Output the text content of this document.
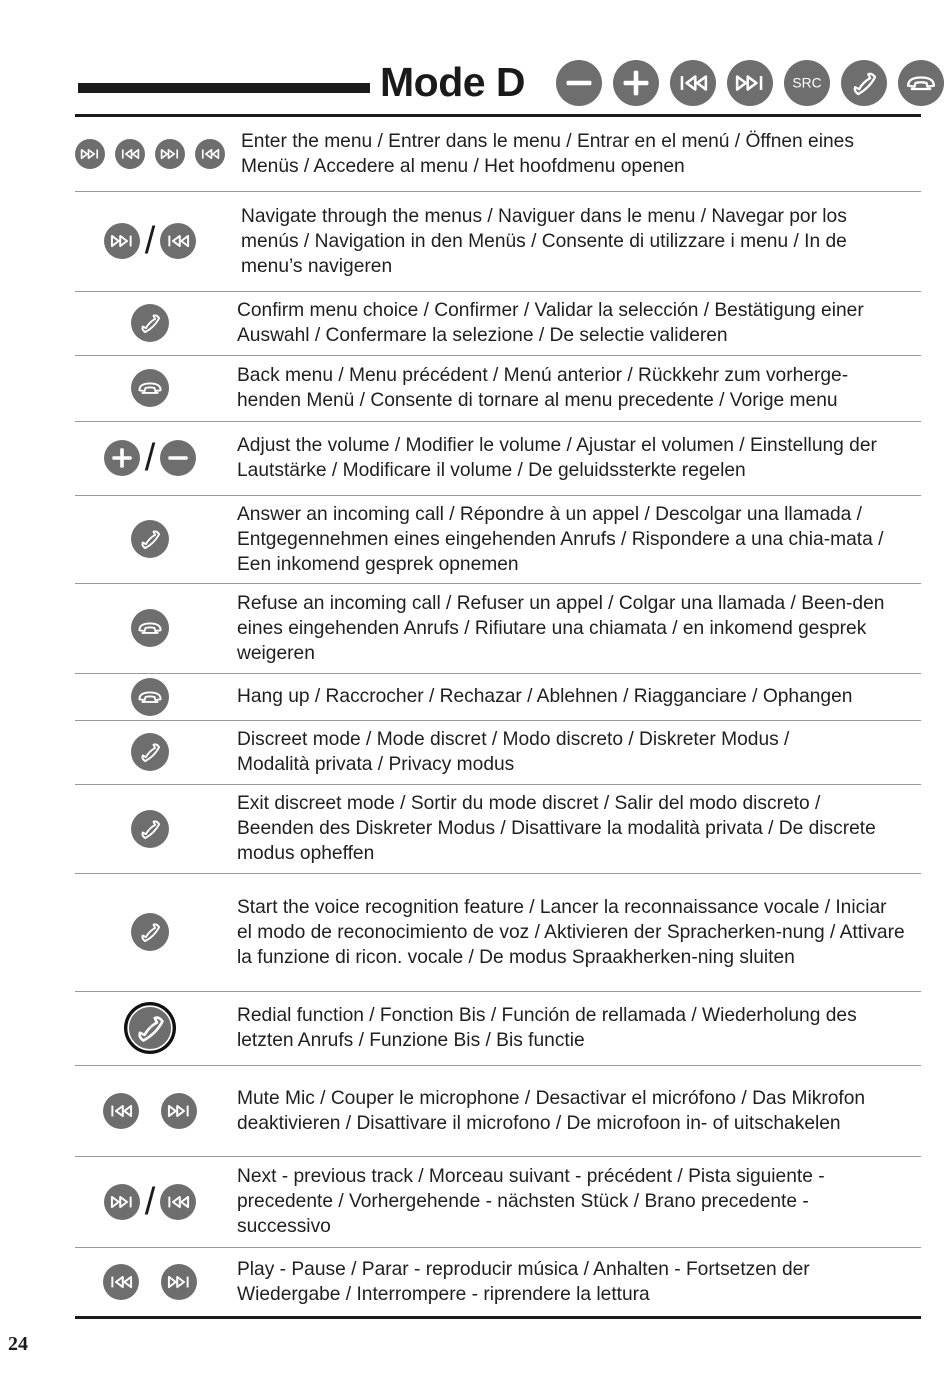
Mode D	SRC
Enter the menu / Entrer dans le menu / Entrar en el menú / Öffnen eines Menüs / Accedere al menu / Het hoofdmenu openen
/
Navigate through the menus / Naviguer dans le menu / Navegar por los menús / Navigation in den Menüs / Consente di utilizzare i menu / In de menu’s navigeren
Confirm menu choice / Confirmer / Validar la selección / Bestätigung einer Auswahl / Confermare la selezione / De selectie valideren
Back menu / Menu précédent / Menú anterior / Rückkehr zum vorherge-henden Menü / Consente di tornare al menu precedente / Vorige menu
/	Adjust the volume / Modifier le volume / Ajustar el volumen / Einstellung der Lautstärke / Modificare il volume / De geluidssterkte regelen
Answer an incoming call / Répondre à un appel / Descolgar una llamada / Entgegennehmen eines eingehenden Anrufs / Rispondere a una chia-mata / Een inkomend gesprek opnemen
Refuse an incoming call / Refuser un appel / Colgar una llamada / Been-den eines eingehenden Anrufs / Rifiutare una chiamata / en inkomend gesprek weigeren
Hang up / Raccrocher / Rechazar / Ablehnen / Riagganciare / Ophangen
Discreet mode / Mode discret / Modo discreto / Diskreter Modus / Modalità privata / Privacy modus
Exit discreet mode / Sortir du mode discret / Salir del modo discreto / Beenden des Diskreter Modus / Disattivare la modalità privata / De discrete modus opheffen
Start the voice recognition feature / Lancer la reconnaissance vocale / Iniciar el modo de reconocimiento de voz / Aktivieren der Spracherken-nung / Attivare la funzione di ricon. vocale / De modus Spraakherken-ning sluiten
Redial function / Fonction Bis / Función de rellamada / Wiederholung des letzten Anrufs / Funzione Bis / Bis functie
Mute Mic / Couper le microphone / Desactivar el micrófono / Das Mikrofon deaktivieren / Disattivare il microfono / De microfoon in- of uitschakelen
/
Next - previous track / Morceau suivant - précédent / Pista siguiente - precedente / Vorhergehende - nächsten Stück / Brano precedente - successivo
Play - Pause / Parar - reproducir música / Anhalten - Fortsetzen der Wiedergabe / Interrompere - riprendere la lettura
24
